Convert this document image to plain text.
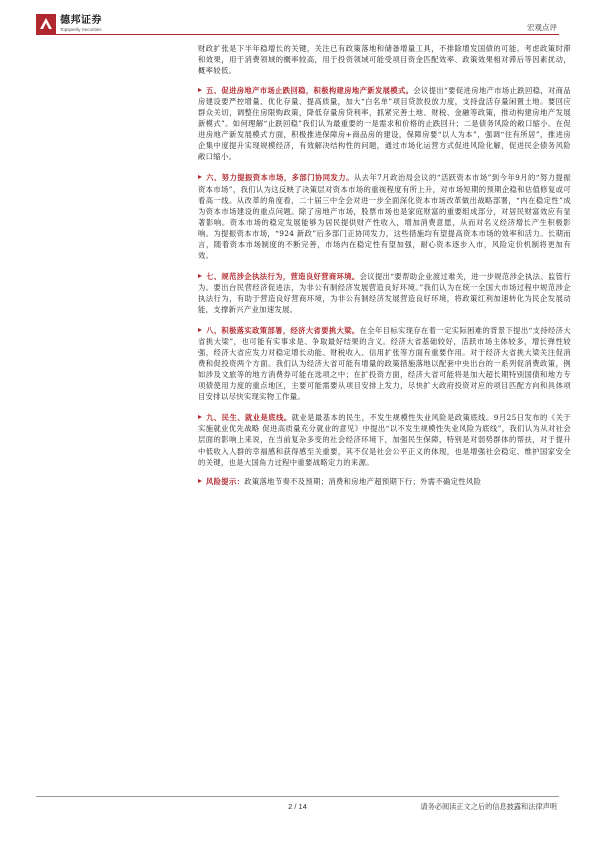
德邦证券
Topsperity Securities	宏观点评

财政扩张是下半年稳增长的关键，关注已有政策落地和储备增量工具，不排除增发国债的可能。考虑政策时滞和效果，用于消费领域的概率较高，用于投资领域可能受项目资金匹配效率、政策效果相对滞后等因素扰动，概率较低。

五、促进房地产市场止跌回稳，积极构建房地产新发展模式。会议提出“要促进房地产市场止跌回稳，对商品房建设要严控增量、优化存量、提高质量，加大“白名单”项目贷款投放力度，支持盘活存量闲置土地。要回应群众关切，调整住房限购政策，降低存量房贷利率，抓紧完善土地、财税、金融等政策，推动构建房地产发展新模式”。如何理解“止跌回稳”我们认为最重要的一是需求和价格的止跌回升；二是债务风险的敞口缩小。在促进房地产新发展模式方面，积极推进保障房+商品房的建设，保障房要“以人为本”，强调“住有所居”，推进房企集中度提升实现规模经济，有效解决结构性的问题，通过市场化运营方式促进风险化解，促进民企债务风险敞口缩小。

六、努力提振资本市场，多部门协同发力。从去年7月政治局会议的“活跃资本市场”到今年9月的“努力提振资本市场”，我们认为这反映了决策层对资本市场的重视程度有所上升，对市场短期的预期企稳和估值修复或可看高一线。从改革的角度看，二十届三中全会对进一步全面深化资本市场改革做出战略部署，“内在稳定性”成为资本市场建设的重点问题。除了房地产市场，股票市场也是家庭财富的重要组成部分，对居民财富效应有显著影响。资本市场的稳定发展能够为居民提供财产性收入，增加消费意愿，从而对名义经济增长产生积极影响。为提振资本市场，“924 新政”后多部门正协同发力，这些措施均有望提高资本市场的效率和活力。长期而言，随着资本市场制度的不断完善，市场内在稳定性有望加强，耐心资本逐步入市，风险定价机制将更加有效。

七、规范涉企执法行为，营造良好营商环境。会议提出“要帮助企业渡过难关，进一步规范涉企执法、监管行为。要出台民营经济促进法，为非公有制经济发展营造良好环境。”我们认为在统一全国大市场过程中规范涉企执法行为，有助于营造良好营商环境，为非公有制经济发展营造良好环境，将政策红利加速转化为民企发展动能，支撑新兴产业加速发展。

八、积极落实政策部署，经济大省要挑大梁。在全年目标实现存在着一定实际困难的背景下提出“支持经济大省挑大梁”，也可能有实事求是、争取最好结果的含义。经济大省基础较好，活跃市场主体较多，增长弹性较强，经济大省应发力对稳定增长动能、财税收入、信用扩张等方面有重要作用。对于经济大省挑大梁关注促消费和促投资两个方面。我们认为经济大省可能有增量的政策措施落地以配套中央出台的一系列促消费政策，例如涉及文旅等的地方消费券可能在选项之中；在扩投资方面，经济大省可能将是加大超长期特别国债和地方专项债使用力度的重点地区，主要可能需要从项目安排上发力，尽快扩大政府投资对应的项目匹配方向和具体项目安排以尽快实现实物工作量。

九、民生、就业是底线。就业是最基本的民生，不发生规模性失业风险是政策底线。9月25日发布的《关于实施就业优先战略 促进高质量充分就业的意见》中提出“以不发生规模性失业风险为底线”，我们认为从对社会层面的影响上来说，在当前复杂多变的社会经济环境下，加强民生保障，特别是对弱势群体的帮扶，对于提升中低收入人群的幸福感和获得感至关重要，其不仅是社会公平正义的体现，也是增强社会稳定、维护国家安全的关键，也是大国角力过程中重要战略定力的来源。

风险提示：政策落地节奏不及预期；消费和房地产超预期下行；外需不确定性风险

2 / 14	请务必阅读正文之后的信息披露和法律声明
